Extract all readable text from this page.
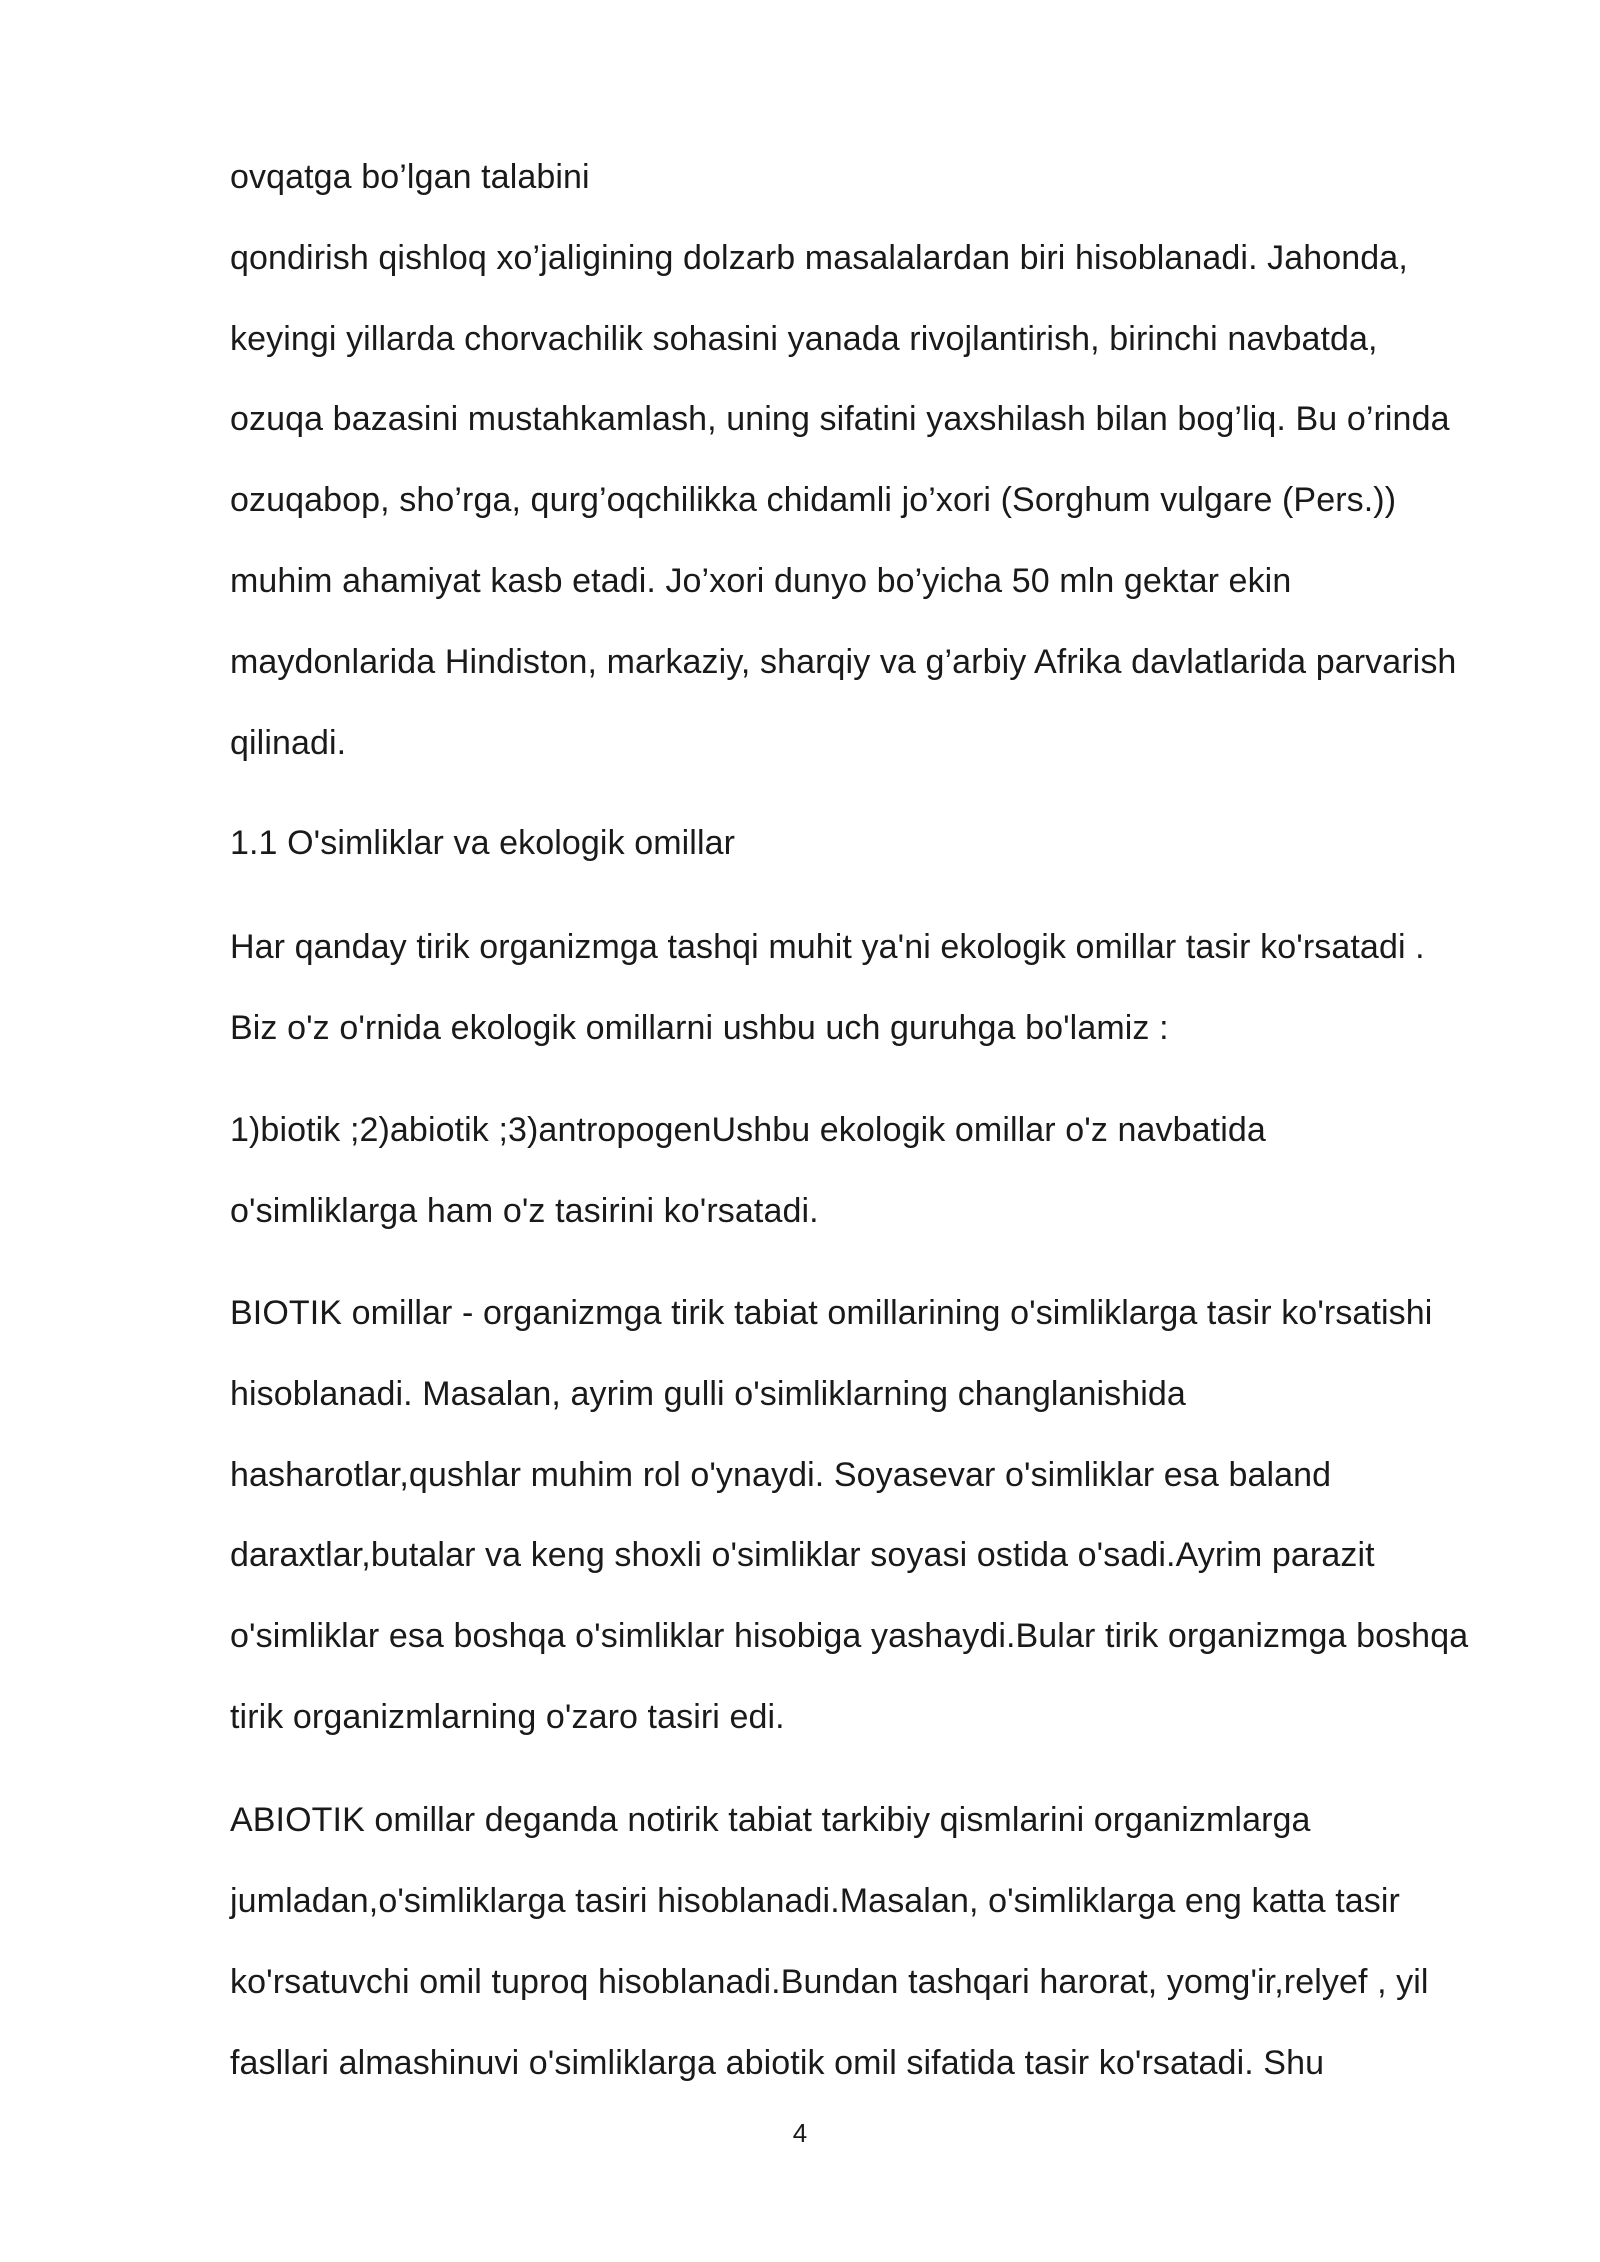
ovqatga bo’lgan talabini
qondirish qishloq xo’jaligining dolzarb masalalardan biri hisoblanadi. Jahonda,
keyingi yillarda chorvachilik sohasini yanada rivojlantirish, birinchi navbatda,
ozuqa bazasini mustahkamlash, uning sifatini yaxshilash bilan bog’liq. Bu o’rinda
ozuqabop, sho’rga, qurg’oqchilikka chidamli jo’xori (Sorghum vulgare (Pers.))
muhim ahamiyat kasb etadi. Jo’xori dunyo bo’yicha 50 mln gektar ekin
maydonlarida Hindiston, markaziy, sharqiy va g’arbiy Afrika davlatlarida parvarish
qilinadi.
1.1 O'simliklar va ekologik omillar
Har qanday tirik organizmga tashqi muhit ya'ni ekologik omillar tasir ko'rsatadi .
Biz o'z o'rnida ekologik omillarni ushbu uch guruhga bo'lamiz :
1)biotik ;2)abiotik ;3)antropogenUshbu ekologik omillar o'z navbatida
o'simliklarga ham o'z tasirini ko'rsatadi.
BIOTIK omillar - organizmga tirik tabiat omillarining o'simliklarga tasir ko'rsatishi
hisoblanadi. Masalan, ayrim gulli o'simliklarning changlanishida
hasharotlar,qushlar muhim rol o'ynaydi. Soyasevar o'simliklar esa baland
daraxtlar,butalar va keng shoxli o'simliklar soyasi ostida o'sadi.Ayrim parazit
o'simliklar esa boshqa o'simliklar hisobiga yashaydi.Bular tirik organizmga boshqa
tirik organizmlarning o'zaro tasiri edi.
ABIOTIK omillar deganda notirik tabiat tarkibiy qismlarini organizmlarga
jumladan,o'simliklarga tasiri hisoblanadi.Masalan, o'simliklarga eng katta tasir
ko'rsatuvchi omil tuproq hisoblanadi.Bundan tashqari harorat, yomg'ir,relyef , yil
fasllari almashinuvi o'simliklarga abiotik omil sifatida tasir ko'rsatadi. Shu
4
